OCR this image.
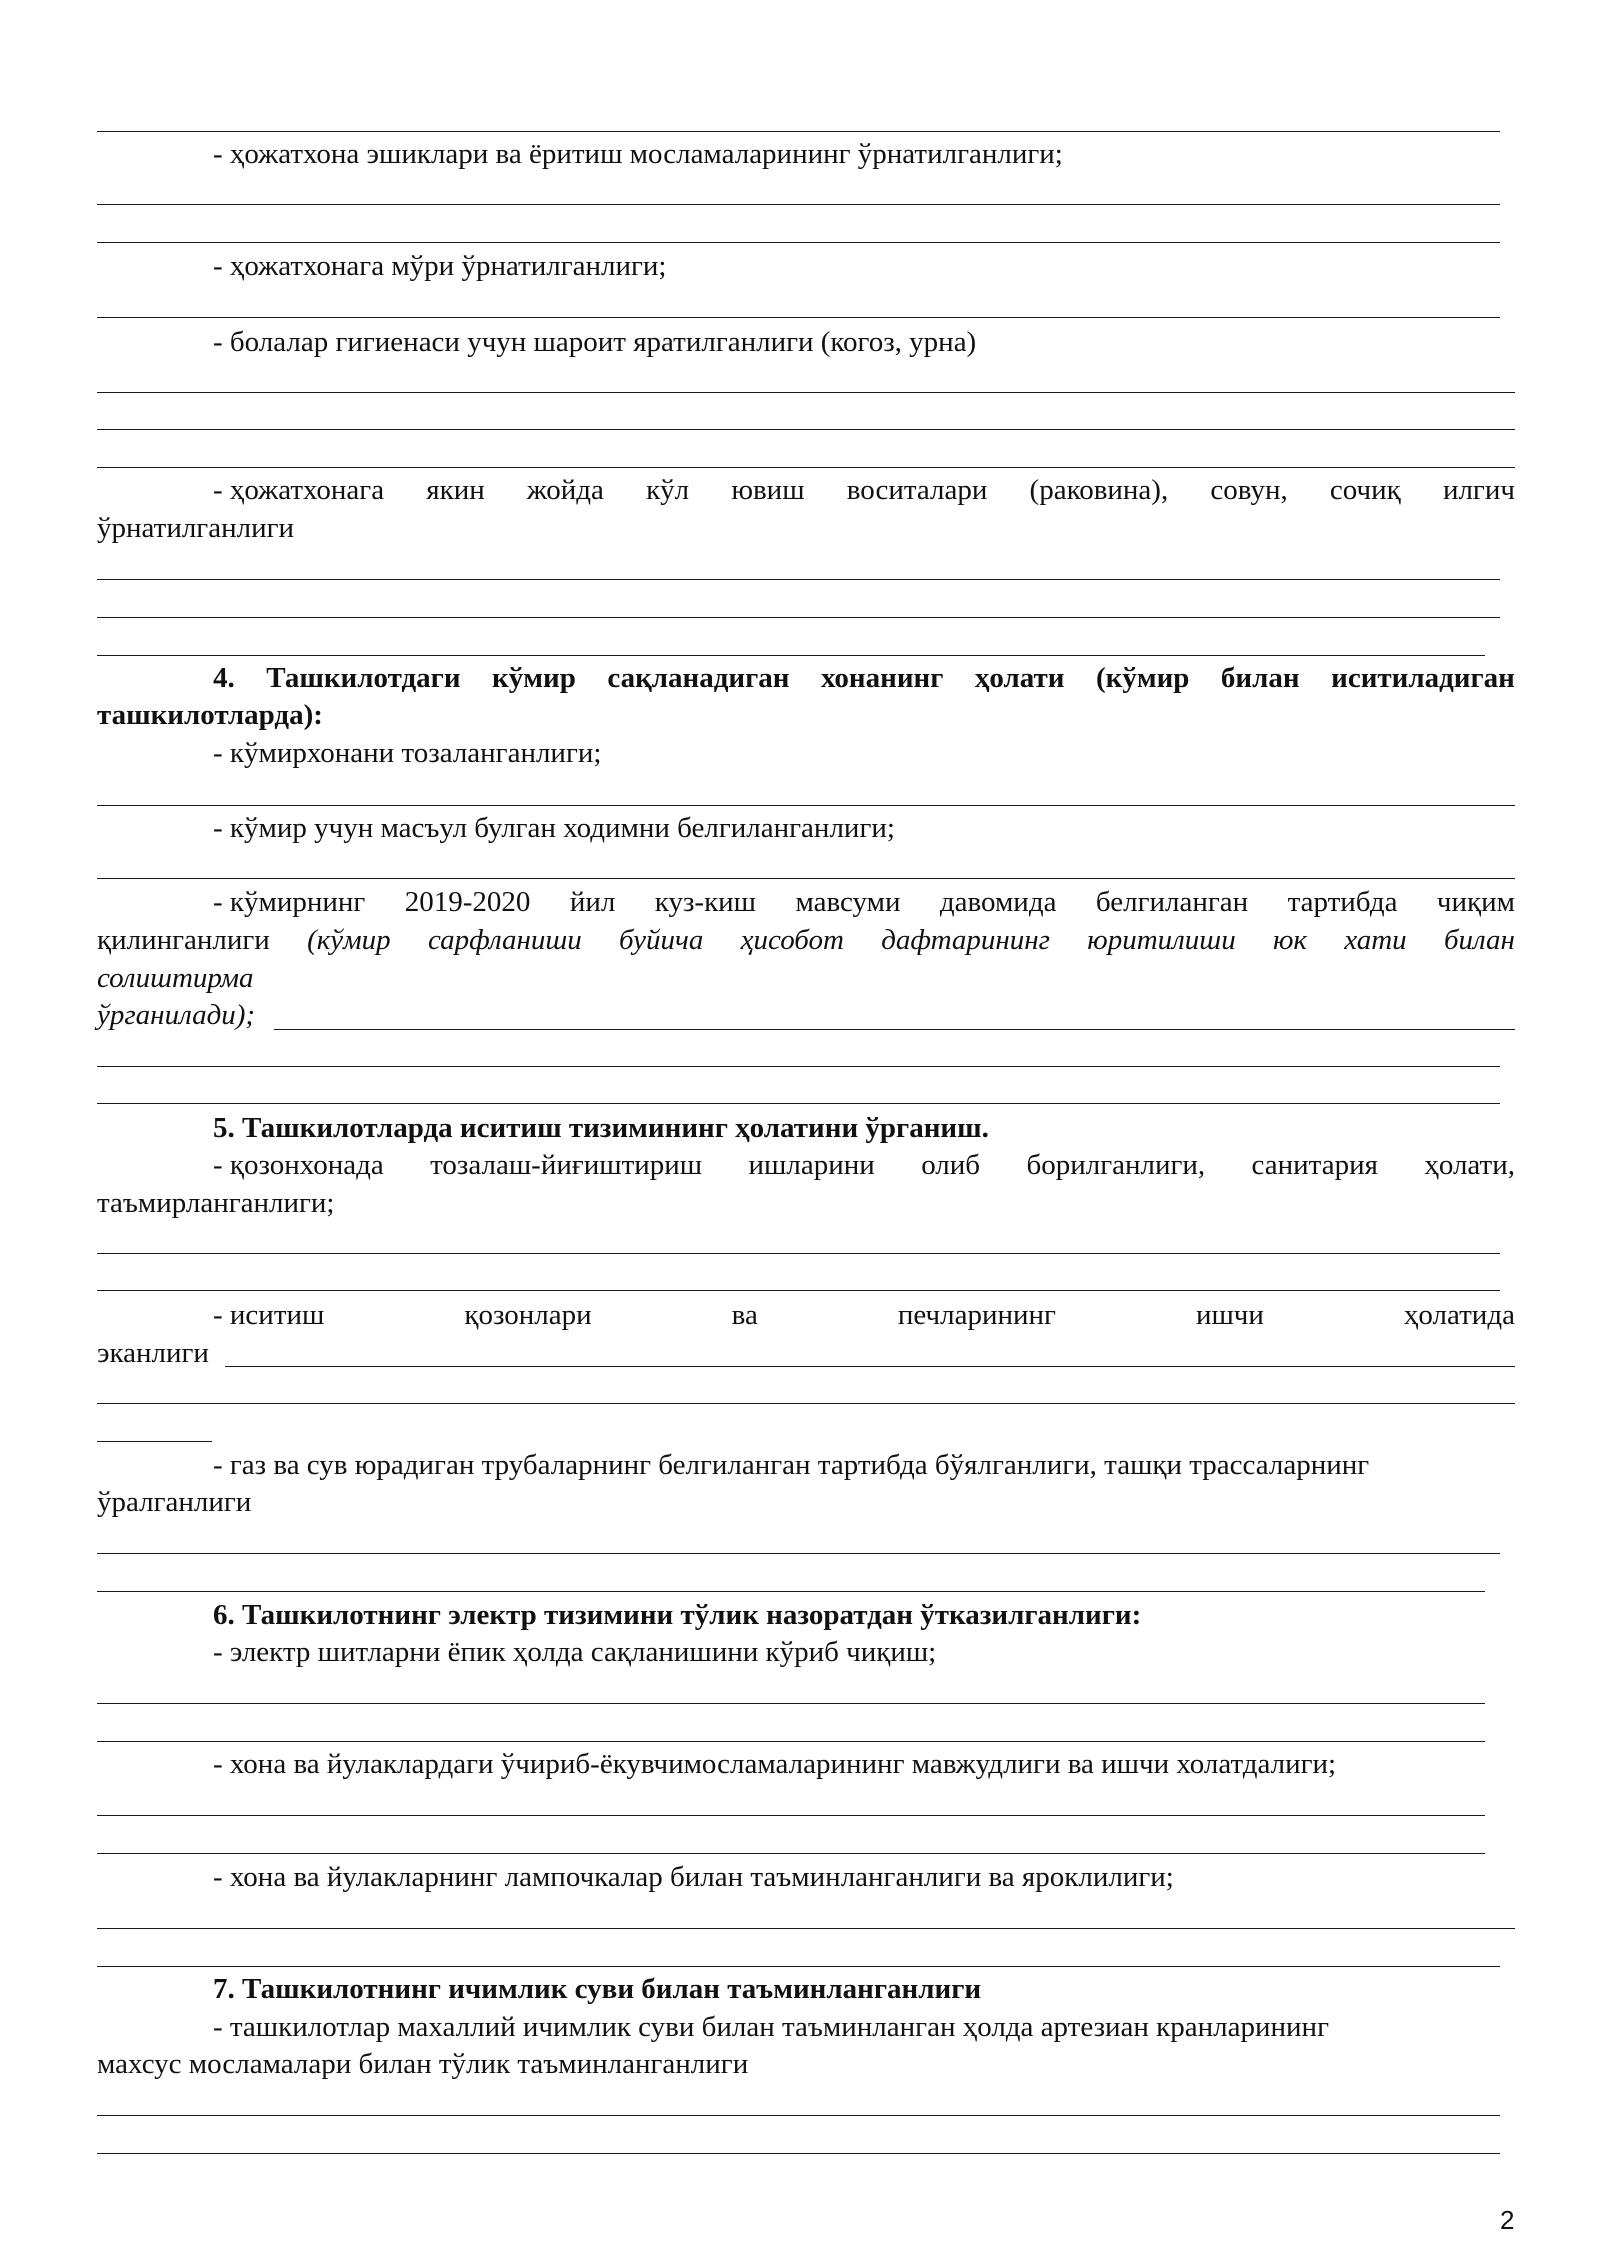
- ҳожатхона эшиклари ва ёритиш мосламаларининг ўрнатилганлиги;
- ҳожатхонага мўри ўрнатилганлиги;
- болалар гигиенаси учун шароит яратилганлиги (когоз, урна)
- ҳожатхонага якин жойда кўл ювиш воситалари (раковина), совун, сочиқ илгич
ўрнатилганлиги
4. Ташкилотдаги кўмир сақланадиган хонанинг ҳолати (кўмир билан иситиладиган
ташкилотларда):
- кўмирхонани тозаланганлиги;
- кўмир учун масъул булган ходимни белгиланганлиги;
- кўмирнинг 2019-2020 йил куз-киш мавсуми давомида белгиланган тартибда чиқим
қилинганлиги (кўмир сарфланиши буйича ҳисобот дафтарининг юритилиши юк хати билан
солиштирма
ўрганилади);
5. Ташкилотларда иситиш тизимининг ҳолатини ўрганиш.
- қозонхонада тозалаш-йиғиштириш ишларини олиб борилганлиги, санитария ҳолати,
таъмирланганлиги;
- иситиш	қозонлари	ва	печларининг	ишчи	ҳолатида
эканлиги
- газ ва сув юрадиган трубаларнинг белгиланган тартибда бўялганлиги, ташқи трассаларнинг
ўралганлиги
6. Ташкилотнинг электр тизимини тўлик назоратдан ўтказилганлиги:
- электр шитларни ёпик ҳолда сақланишини кўриб чиқиш;
- хона ва йулаклардаги ўчириб-ёкувчимосламаларининг мавжудлиги ва ишчи холатдалиги;
- хона ва йулакларнинг лампочкалар билан таъминланганлиги ва яроклилиги;
7. Ташкилотнинг ичимлик суви билан таъминланганлиги
- ташкилотлар махаллий ичимлик суви билан таъминланган ҳолда артезиан кранларининг
махсус мосламалари билан тўлик таъминланганлиги
2
